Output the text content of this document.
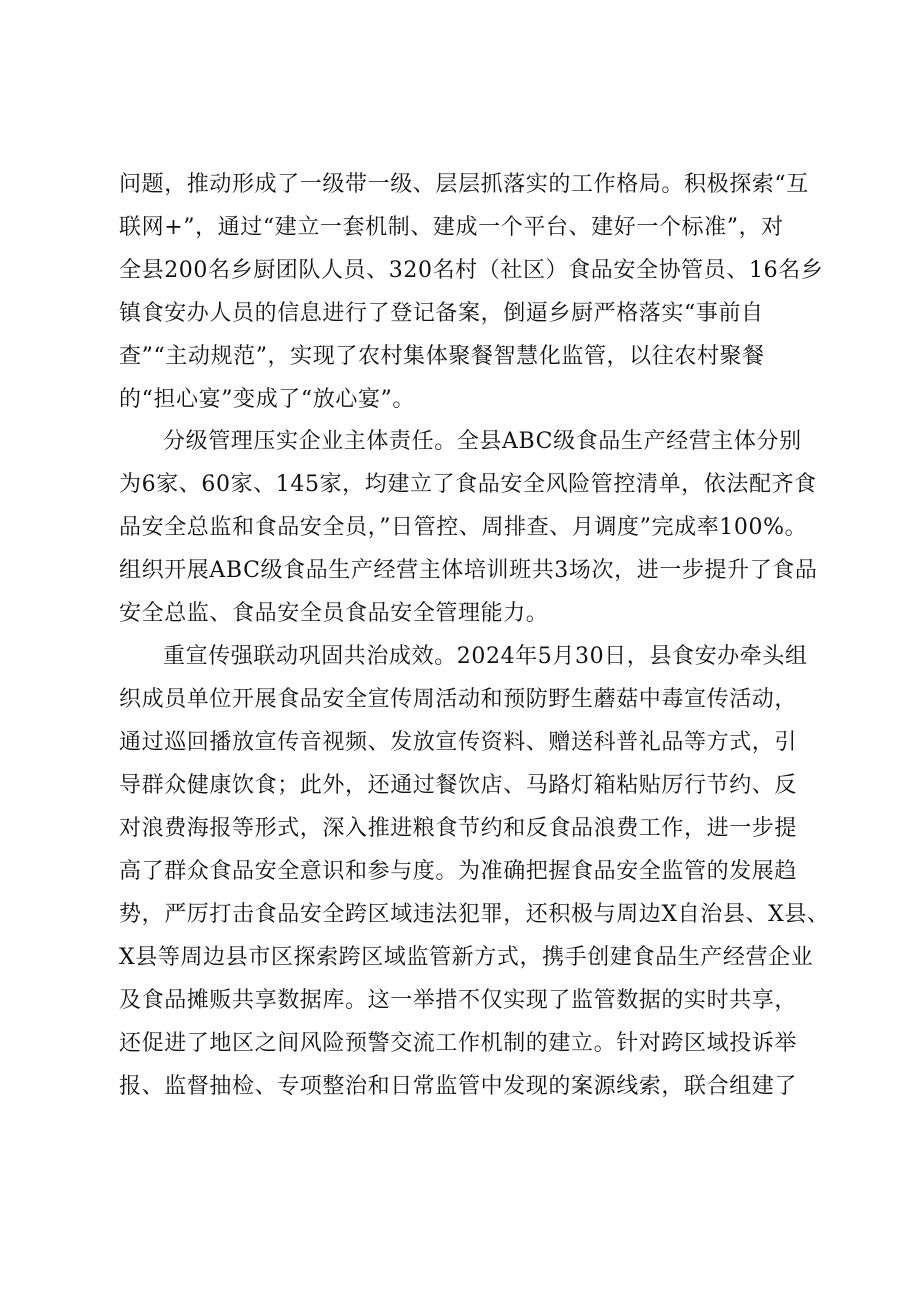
问题，推动形成了一级带一级、层层抓落实的工作格局。积极探索“互
联网+”，通过“建立一套机制、建成一个平台、建好一个标准”，对
全县200名乡厨团队人员、320名村（社区）食品安全协管员、16名乡
镇食安办人员的信息进行了登记备案，倒逼乡厨严格落实“事前自
查”“主动规范”，实现了农村集体聚餐智慧化监管，以往农村聚餐
的“担心宴”变成了“放心宴”。
分级管理压实企业主体责任。全县ABC级食品生产经营主体分别
为6家、60家、145家，均建立了食品安全风险管控清单，依法配齐食
品安全总监和食品安全员，”日管控、周排查、月调度”完成率100%。
组织开展ABC级食品生产经营主体培训班共3场次，进一步提升了食品
安全总监、食品安全员食品安全管理能力。
重宣传强联动巩固共治成效。2024年5月30日，县食安办牵头组
织成员单位开展食品安全宣传周活动和预防野生蘑菇中毒宣传活动，
通过巡回播放宣传音视频、发放宣传资料、赠送科普礼品等方式，引
导群众健康饮食；此外，还通过餐饮店、马路灯箱粘贴厉行节约、反
对浪费海报等形式，深入推进粮食节约和反食品浪费工作，进一步提
高了群众食品安全意识和参与度。为准确把握食品安全监管的发展趋
势，严厉打击食品安全跨区域违法犯罪，还积极与周边X自治县、X县、
X县等周边县市区探索跨区域监管新方式，携手创建食品生产经营企业
及食品摊贩共享数据库。这一举措不仅实现了监管数据的实时共享，
还促进了地区之间风险预警交流工作机制的建立。针对跨区域投诉举
报、监督抽检、专项整治和日常监管中发现的案源线索，联合组建了
